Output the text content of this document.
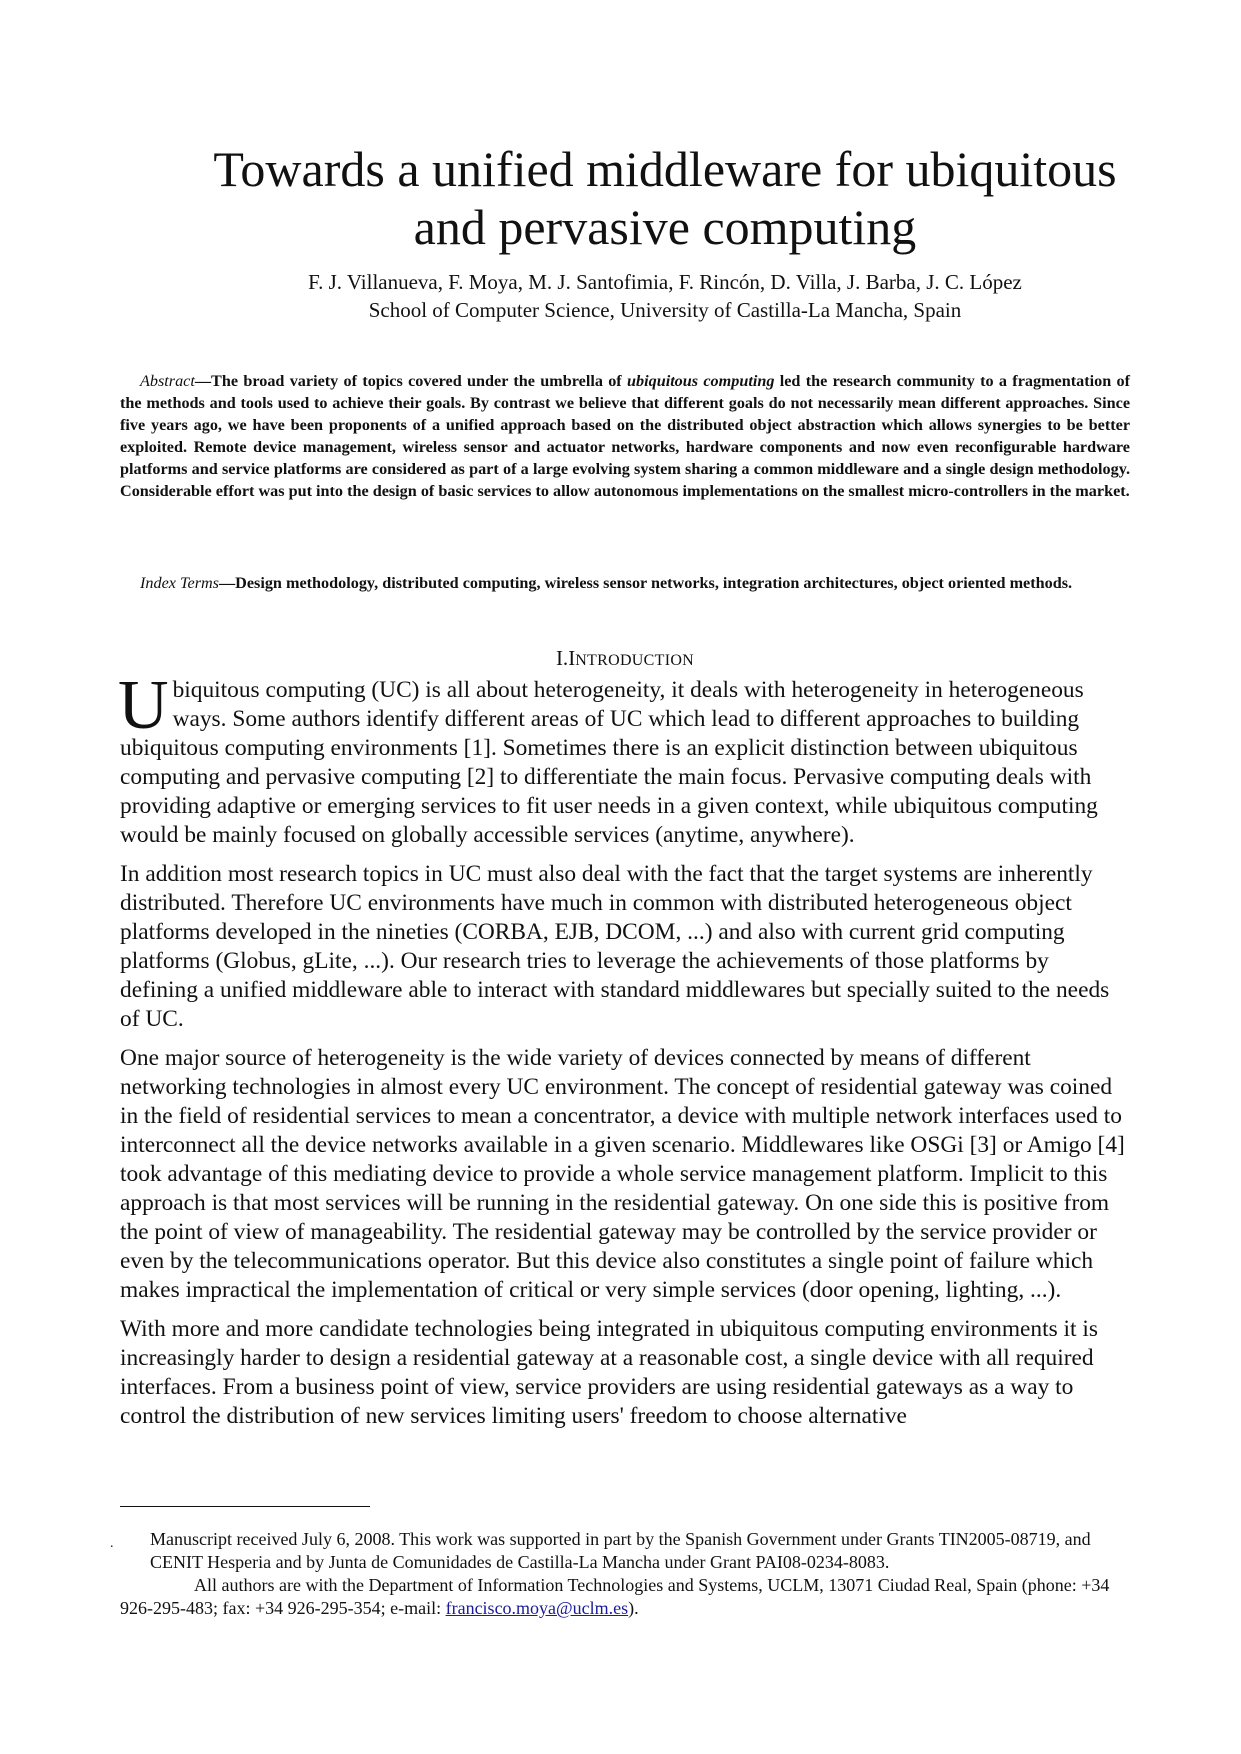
Towards a unified middleware for ubiquitous
and pervasive computing
F. J. Villanueva, F. Moya, M. J. Santofimia, F. Rincón, D. Villa, J. Barba, J. C. López
School of Computer Science, University of Castilla-La Mancha, Spain

Abstract—The broad variety of topics covered under the umbrella of ubiquitous computing led the research community to a fragmentation of the methods and tools used to achieve their goals. By contrast we believe that different goals do not necessarily mean different approaches. Since five years ago, we have been proponents of a unified approach based on the distributed object abstraction which allows synergies to be better exploited. Remote device management, wireless sensor and actuator networks, hardware components and now even reconfigurable hardware platforms and service platforms are considered as part of a large evolving system sharing a common middleware and a single design methodology. Considerable effort was put into the design of basic services to allow autonomous implementations on the smallest micro-controllers in the market.

Index Terms—Design methodology, distributed computing, wireless sensor networks, integration architectures, object oriented methods.

I.INTRODUCTION

Ubiquitous computing (UC) is all about heterogeneity, it deals with heterogeneity in heterogeneous ways. Some authors identify different areas of UC which lead to different approaches to building ubiquitous computing environments [1]. Sometimes there is an explicit distinction between ubiquitous computing and pervasive computing [2] to differentiate the main focus. Pervasive computing deals with providing adaptive or emerging services to fit user needs in a given context, while ubiquitous computing would be mainly focused on globally accessible services (anytime, anywhere).

In addition most research topics in UC must also deal with the fact that the target systems are inherently distributed. Therefore UC environments have much in common with distributed heterogeneous object platforms developed in the nineties (CORBA, EJB, DCOM, ...) and also with current grid computing platforms (Globus, gLite, ...). Our research tries to leverage the achievements of those platforms by defining a unified middleware able to interact with standard middlewares but specially suited to the needs of UC.

One major source of heterogeneity is the wide variety of devices connected by means of different networking technologies in almost every UC environment. The concept of residential gateway was coined in the field of residential services to mean a concentrator, a device with multiple network interfaces used to interconnect all the device networks available in a given scenario. Middlewares like OSGi [3] or Amigo [4] took advantage of this mediating device to provide a whole service management platform. Implicit to this approach is that most services will be running in the residential gateway. On one side this is positive from the point of view of manageability. The residential gateway may be controlled by the service provider or even by the telecommunications operator. But this device also constitutes a single point of failure which makes impractical the implementation of critical or very simple services (door opening, lighting, ...).

With more and more candidate technologies being integrated in ubiquitous computing environments it is increasingly harder to design a residential gateway at a reasonable cost, a single device with all required interfaces. From a business point of view, service providers are using residential gateways as a way to control the distribution of new services limiting users' freedom to choose alternative

. Manuscript received July 6, 2008. This work was supported in part by the Spanish Government under Grants TIN2005-08719, and CENIT Hesperia and by Junta de Comunidades de Castilla-La Mancha under Grant PAI08-0234-8083.

All authors are with the Department of Information Technologies and Systems, UCLM, 13071 Ciudad Real, Spain (phone: +34 926-295-483; fax: +34 926-295-354; e-mail: francisco.moya@uclm.es).
